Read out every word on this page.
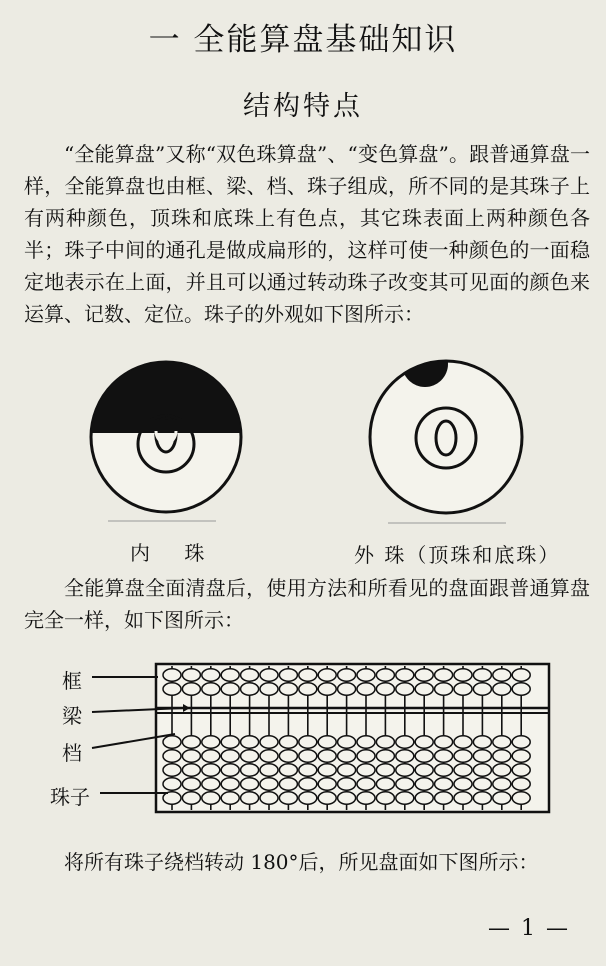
一 全能算盘基础知识
结构特点

“全能算盘”又称“双色珠算盘”、“变色算盘”。跟普通算盘一样，全能算盘也由框、梁、档、珠子组成，所不同的是其珠子上有两种颜色，顶珠和底珠上有色点，其它珠表面上两种颜色各半；珠子中间的通孔是做成扁形的，这样可使一种颜色的一面稳定地表示在上面，并且可以通过转动珠子改变其可见面的颜色来运算、记数、定位。珠子的外观如下图所示：

内 珠	外 珠（顶珠和底珠）

全能算盘全面清盘后，使用方法和所看见的盘面跟普通算盘完全一样，如下图所示：

框
梁
档
珠子

将所有珠子绕档转动 180°后，所见盘面如下图所示：

— 1 —
